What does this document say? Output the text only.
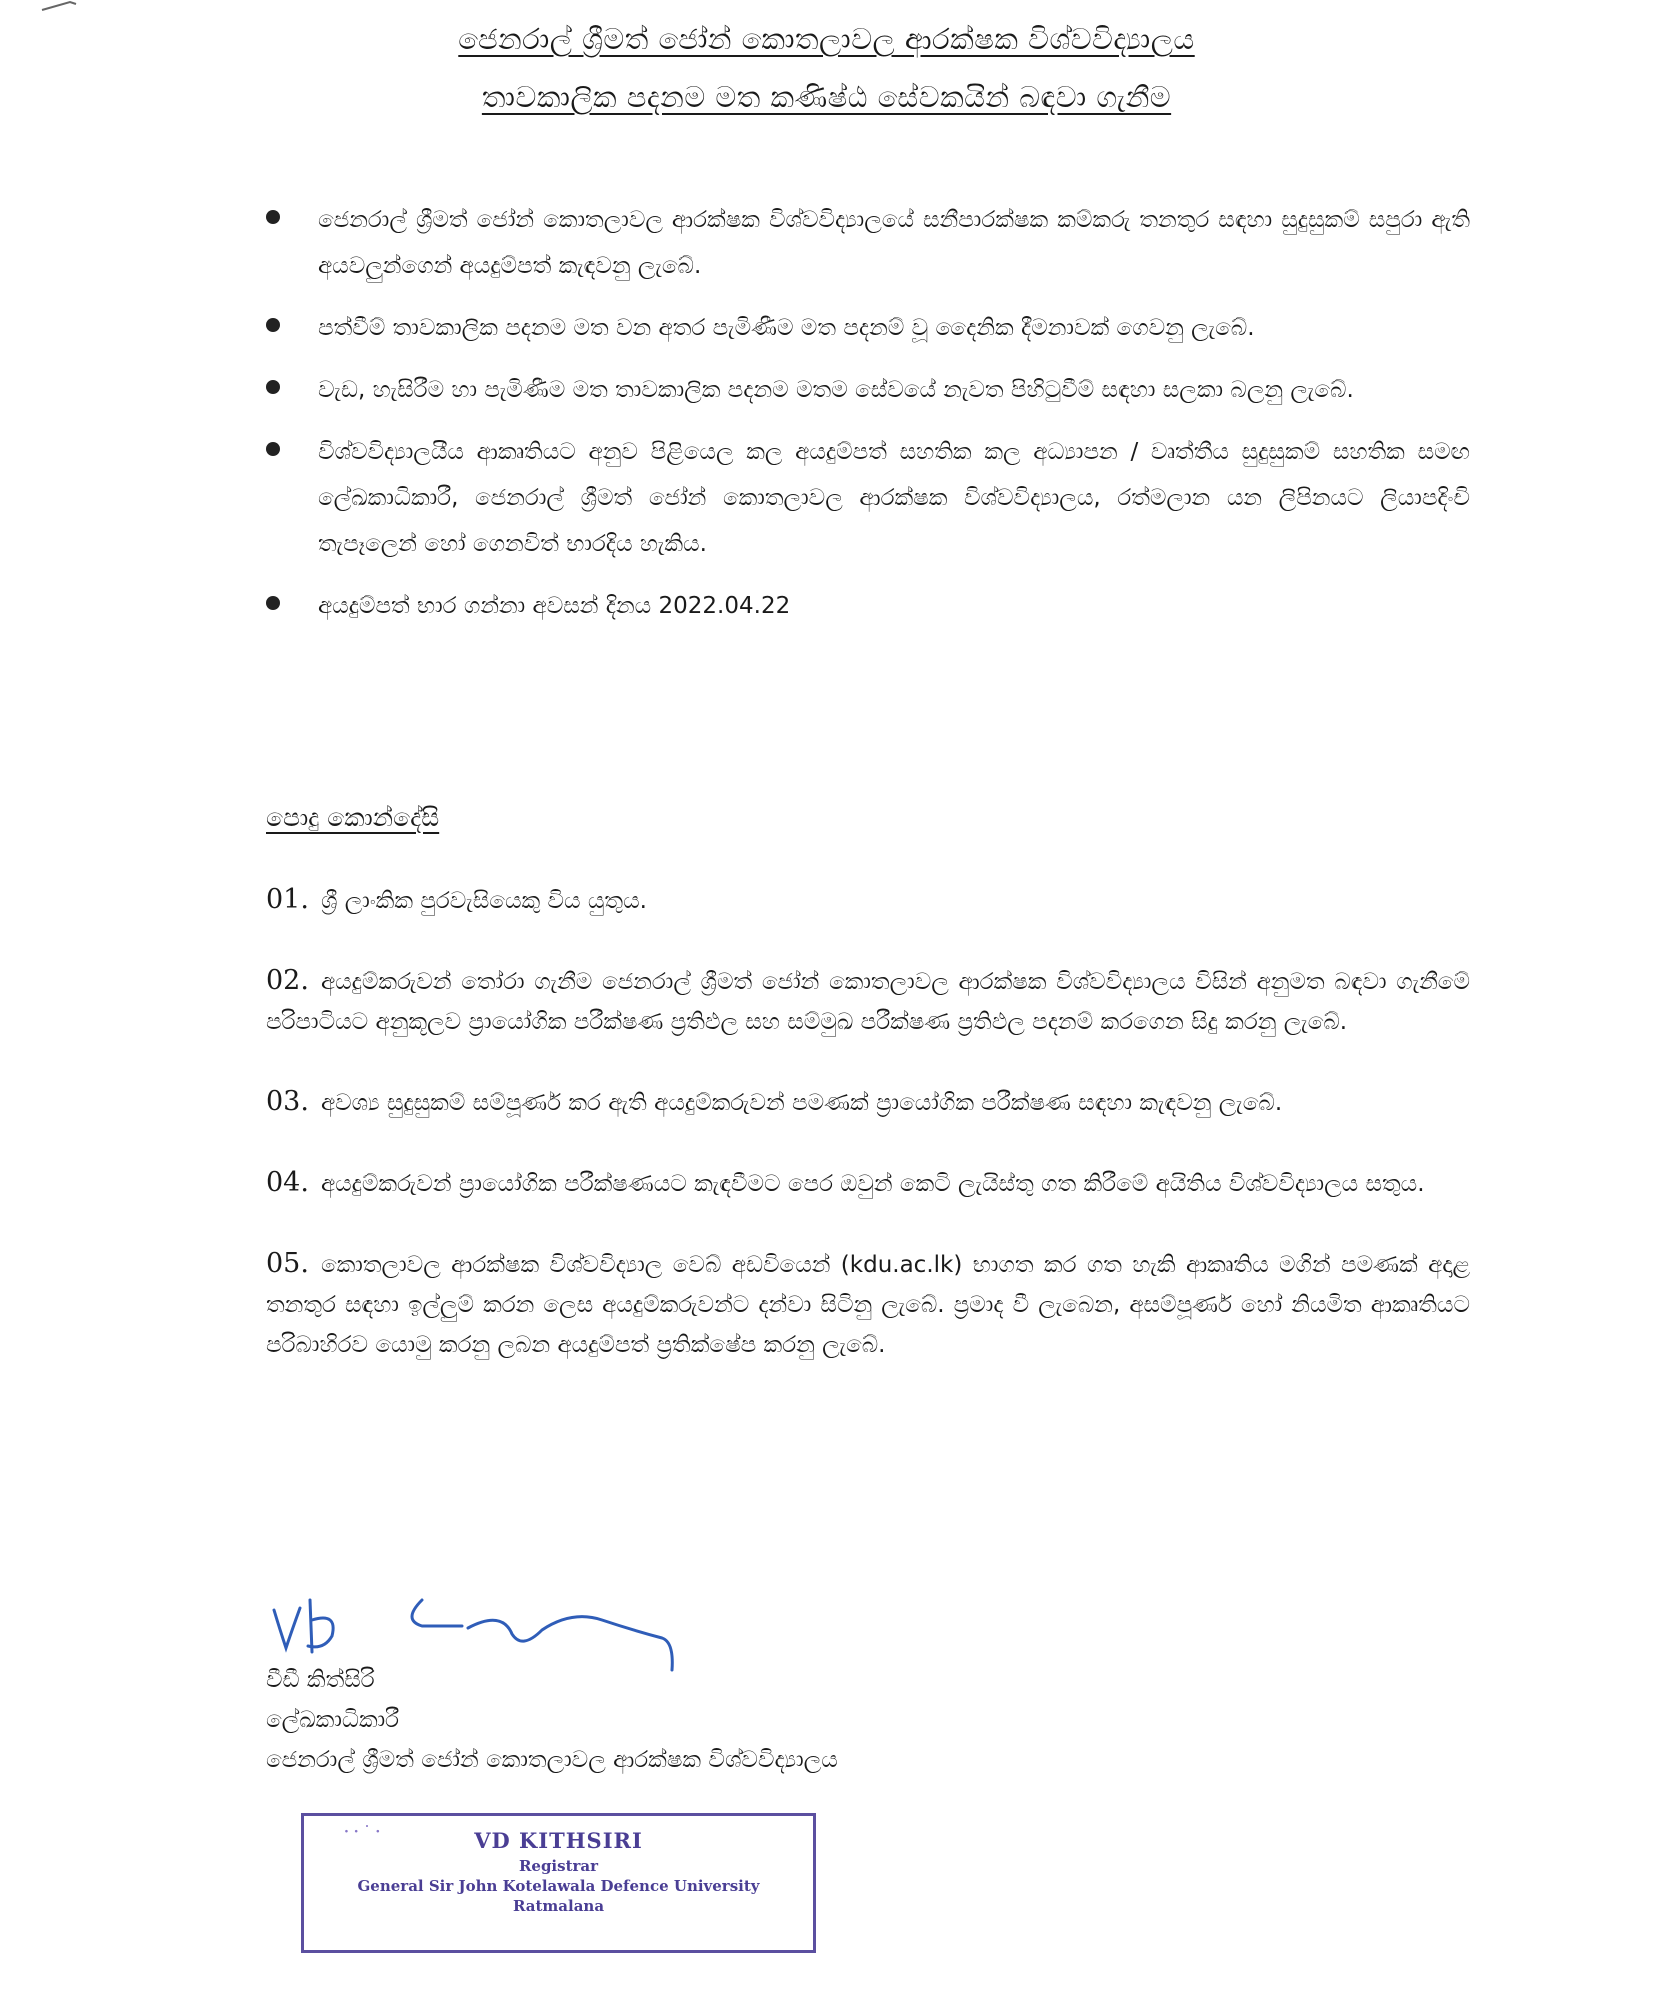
ජෙනරාල් ශ්‍රීමත් ජෝන් කොතලාවල ආරක්ෂක විශ්වවිද්‍යාලය
තාවකාලික පදනම මත කණිෂ්ඨ සේවකයින් බඳවා ගැනීම
ජෙනරාල් ශ්‍රීමත් ජෝන් කොතලාවල ආරක්ෂක විශ්වවිද්‍යාලයේ සනීපාරක්ෂක කම්කරු තනතුර සඳහා සුදුසුකම් සපුරා ඇති අයවලුන්ගෙන් අයදුම්පත් කැඳවනු ලැබේ.
පත්වීම් තාවකාලික පදනම මත වන අතර පැමිණීම මත පදනම් වූ දෛනික දීමනාවක් ගෙවනු ලැබේ.
වැඩ, හැසිරීම හා පැමිණීම මත තාවකාලික පදනම මතම සේවයේ නැවත පිහිටුවීම් සඳහා සලකා බලනු ලැබේ.
විශ්වවිද්‍යාලයීය ආකෘතියට අනුව පිළියෙල කල අයදුම්පත් සහතික කල අධ්‍යාපන / වෘත්තීය සුදුසුකම් සහතික සමඟ ලේඛකාධිකාරී, ජෙනරාල් ශ්‍රීමත් ජෝන් කොතලාවල ආරක්ෂක විශ්වවිද්‍යාලය, රත්මලාන යන ලිපිනයට ලියාපදිංචි තැපෑලෙන් හෝ ගෙනවිත් භාරදිය හැකිය.
අයදුම්පත් භාර ගන්නා අවසන් දිනය 2022.04.22
පොදු කොන්දේසි
01. ශ්‍රී ලාංකික පුරවැසියෙකු විය යුතුය.
02. අයදුම්කරුවන් තෝරා ගැනීම ජෙනරාල් ශ්‍රීමත් ජෝන් කොතලාවල ආරක්ෂක විශ්වවිද්‍යාලය විසින් අනුමත බඳවා ගැනීමේ පරිපාටියට අනුකූලව ප්‍රායෝගික පරීක්ෂණ ප්‍රතිඵල සහ සම්මුඛ පරීක්ෂණ ප්‍රතිඵල පදනම් කරගෙන සිදු කරනු ලැබේ.
03. අවශ්‍ය සුදුසුකම් සම්පූර්ණ කර ඇති අයදුම්කරුවන් පමණක් ප්‍රායෝගික පරීක්ෂණ සඳහා කැඳවනු ලැබේ.
04. අයදුම්කරුවන් ප්‍රායෝගික පරීක්ෂණයට කැඳවීමට පෙර ඔවුන් කෙටි ලැයිස්තු ගත කිරීමේ අයිතිය විශ්වවිද්‍යාලය සතුය.
05. කොතලාවල ආරක්ෂක විශ්වවිද්‍යාල වෙබ් අඩවියෙන් (kdu.ac.lk) භාගත කර ගත හැකි ආකෘතිය මගින් පමණක් අදාළ තනතුර සඳහා ඉල්ලුම් කරන ලෙස අයදුම්කරුවන්ට දන්වා සිටිනු ලැබේ. ප්‍රමාද වී ලැබෙන, අසම්පූර්ණ හෝ නියමිත ආකෘතියට පරිබාහිරව යොමු කරනු ලබන අයදුම්පත් ප්‍රතික්ෂේප කරනු ලැබේ.
වීඩී කිත්සිරි
ලේඛකාධිකාරී
ජෙනරාල් ශ්‍රීමත් ජෝන් කොතලාවල ආරක්ෂක විශ්වවිද්‍යාලය
· · ˙ ·	VD KITHSIRI
Registrar
General Sir John Kotelawala Defence University
Ratmalana
